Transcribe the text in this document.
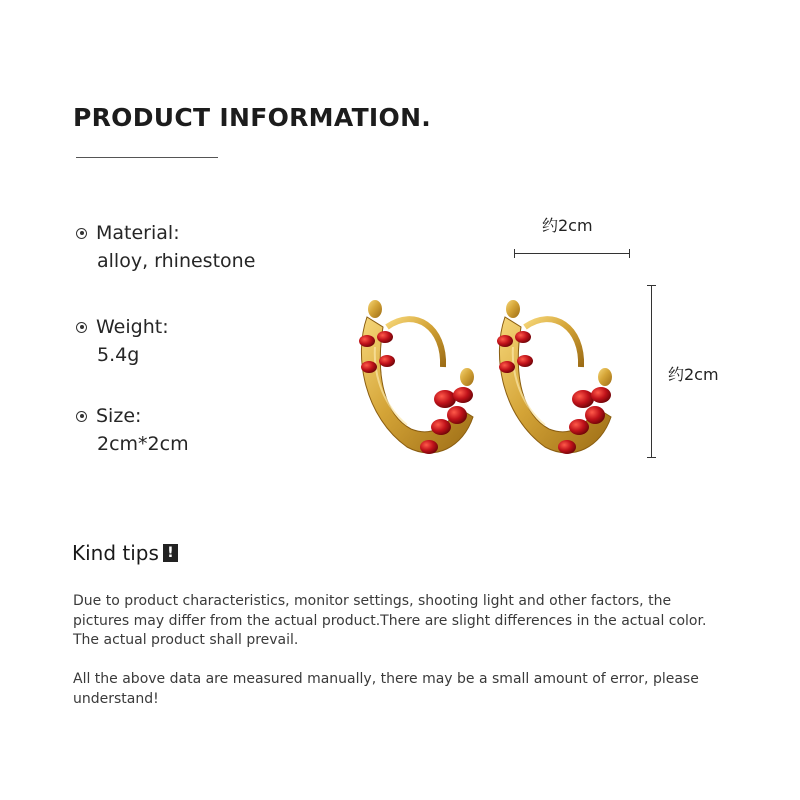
PRODUCT INFORMATION.
Material:
alloy, rhinestone
Weight:
5.4g
Size:
2cm*2cm
约2cm
约2cm
Kind tips !
Due to product characteristics, monitor settings, shooting light and other factors, the pictures may differ from the actual product.There are slight differences in the actual color. The actual product shall prevail.
All the above data are measured manually, there may be a small amount of error, please understand!
